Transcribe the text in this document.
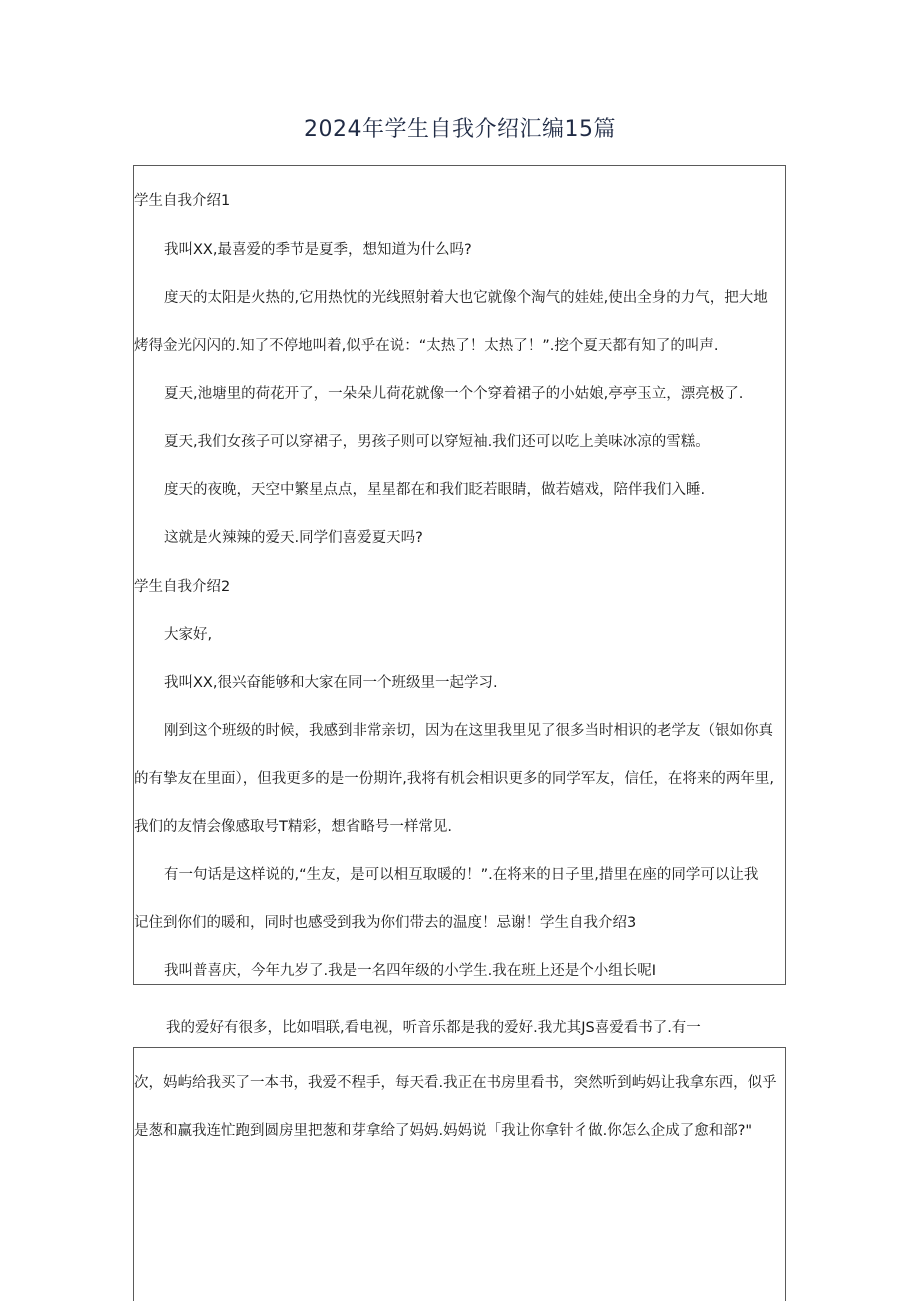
2024年学生自我介绍汇编15篇
学生自我介绍1
我叫XX,最喜爱的季节是夏季，想知道为什么吗?
度天的太阳是火热的,它用热忱的光线照射着大也它就像个淘气的娃娃,使出全身的力气，把大地
烤得金光闪闪的.知了不停地叫着,似乎在说：“太热了！太热了！”.挖个夏天都有知了的叫声.
夏天,池塘里的荷花开了，一朵朵儿荷花就像一个个穿着裙子的小姑娘,亭亭玉立，漂亮极了.
夏天,我们女孩子可以穿裙子，男孩子则可以穿短袖.我们还可以吃上美味冰凉的雪糕。
度天的夜晚，天空中繁星点点，星星都在和我们眨若眼睛，做若嬉戏，陪伴我们入睡.
这就是火辣辣的爱天.同学们喜爱夏天吗?
学生自我介绍2
大家好,
我叫XX,很兴奋能够和大家在同一个班级里一起学习.
刚到这个班级的时候，我感到非常亲切，因为在这里我里见了很多当时相识的老学友（银如你真
的有挚友在里面），但我更多的是一份期许,我将有机会相识更多的同学军友，信任，在将来的两年里,
我们的友情会像感取号T精彩，想省略号一样常见.
有一句话是这样说的,“生友，是可以相互取暖的！”.在将来的日子里,措里在座的同学可以让我
记住到你们的暖和，同时也感受到我为你们带去的温度！忌谢！学生自我介绍3
我叫普喜庆，今年九岁了.我是一名四年级的小学生.我在班上还是个小组长呢I
我的爱好有很多，比如唱联,看电视，听音乐都是我的爱好.我尤其JS喜爱看书了.有一
次，妈屿给我买了一本书，我爱不程手，每天看.我正在书房里看书，突然听到屿妈让我拿东西，似乎
是葱和赢我连忙跑到圆房里把葱和芽拿给了妈妈.妈妈说「我让你拿针彳做.你怎么企成了愈和部?"
